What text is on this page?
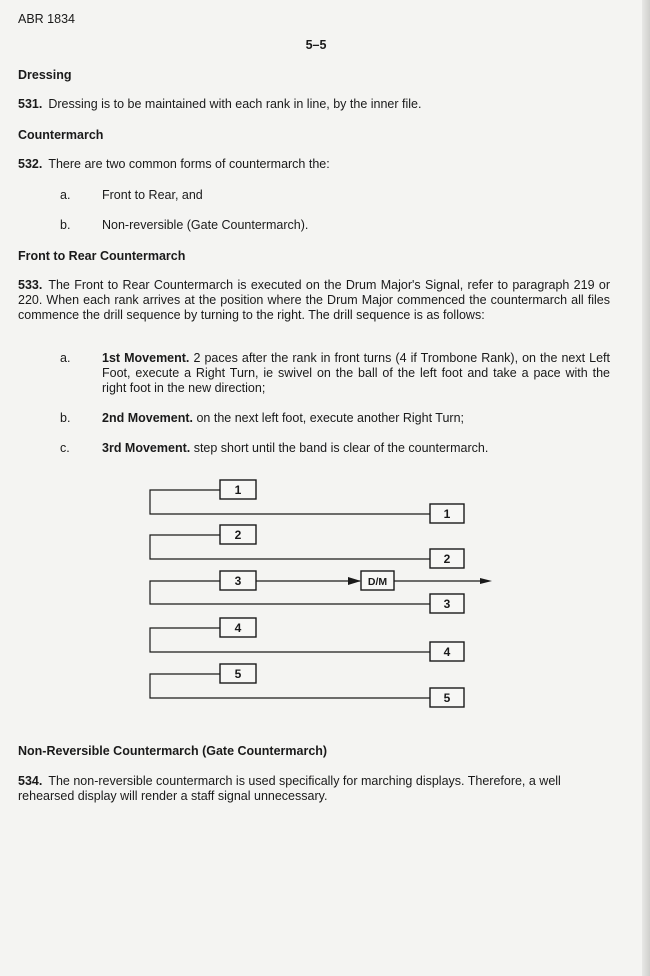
ABR 1834
5–5
Dressing
531. Dressing is to be maintained with each rank in line, by the inner file.
Countermarch
532. There are two common forms of countermarch the:
a.	Front to Rear, and
b.	Non-reversible (Gate Countermarch).
Front to Rear Countermarch
533. The Front to Rear Countermarch is executed on the Drum Major's Signal, refer to paragraph 219 or 220. When each rank arrives at the position where the Drum Major commenced the countermarch all files commence the drill sequence by turning to the right. The drill sequence is as follows:
a.	1st Movement. 2 paces after the rank in front turns (4 if Trombone Rank), on the next Left Foot, execute a Right Turn, ie swivel on the ball of the left foot and take a pace with the right foot in the new direction;
b.	2nd Movement. on the next left foot, execute another Right Turn;
c.	3rd Movement. step short until the band is clear of the countermarch.
1
1
2
2
3	D/M
3
4
4
5
5
Non-Reversible Countermarch (Gate Countermarch)
534. The non-reversible countermarch is used specifically for marching displays. Therefore, a well rehearsed display will render a staff signal unnecessary.
